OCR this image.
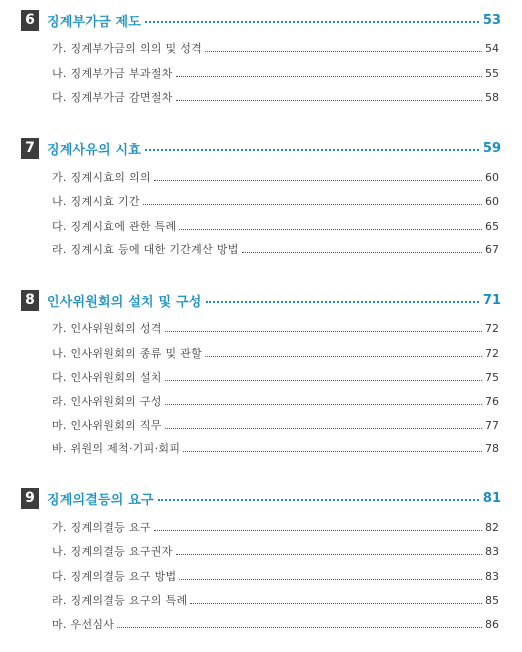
6 징계부가금 제도	53
가. 징계부가금의 의의 및 성격	54
나. 징계부가금 부과절차	55
다. 징계부가금 감면절차	58
7 징계사유의 시효	59
가. 징계시효의 의의	60
나. 징계시효 기간	60
다. 징계시효에 관한 특례	65
라. 징계시효 등에 대한 기간계산 방법	67
8 인사위원회의 설치 및 구성	71
가. 인사위원회의 성격	72
나. 인사위원회의 종류 및 관할	72
다. 인사위원회의 설치	75
라. 인사위원회의 구성	76
마. 인사위원회의 직무	77
바. 위원의 제척·기피·회피	78
9 징계의결등의 요구	81
가. 징계의결등 요구	82
나. 징계의결등 요구권자	83
다. 징계의결등 요구 방법	83
라. 징계의결등 요구의 특례	85
마. 우선심사	86
